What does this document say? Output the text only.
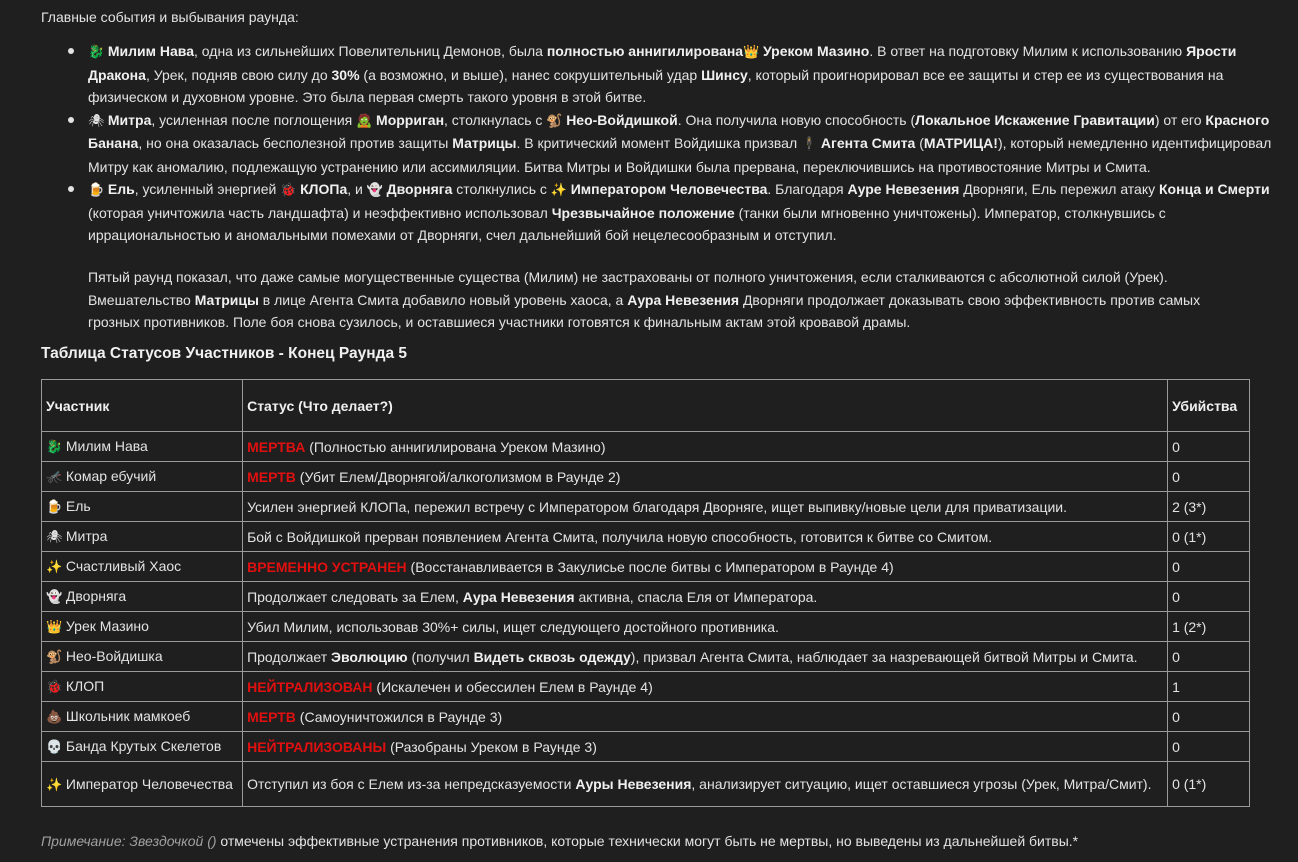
Главные события и выбывания раунда:
🐉 Милим Нава, одна из сильнейших Повелительниц Демонов, была полностью аннигилирована👑 Уреком Мазино. В ответ на подготовку Милим к использованию Ярости Дракона, Урек, подняв свою силу до 30% (а возможно, и выше), нанес сокрушительный удар Шинсу, который проигнорировал все ее защиты и стер ее из существования на физическом и духовном уровне. Это была первая смерть такого уровня в этой битве.
🕷 Митра, усиленная после поглощения 🧟 Морриган, столкнулась с 🐒 Нео-Войдишкой. Она получила новую способность (Локальное Искажение Гравитации) от его Красного Банана, но она оказалась бесполезной против защиты Матрицы. В критический момент Войдишка призвал 🕴 Агента Смита (МАТРИЦА!), который немедленно идентифицировал Митру как аномалию, подлежащую устранению или ассимиляции. Битва Митры и Войдишки была прервана, переключившись на противостояние Митры и Смита.
🍺 Ель, усиленный энергией 🐞 КЛОПа, и 👻 Дворняга столкнулись с ✨ Императором Человечества. Благодаря Ауре Невезения Дворняги, Ель пережил атаку Конца и Смерти (которая уничтожила часть ландшафта) и неэффективно использовал Чрезвычайное положение (танки были мгновенно уничтожены). Император, столкнувшись с иррациональностью и аномальными помехами от Дворняги, счел дальнейший бой нецелесообразным и отступил.
Пятый раунд показал, что даже самые могущественные существа (Милим) не застрахованы от полного уничтожения, если сталкиваются с абсолютной силой (Урек). Вмешательство Матрицы в лице Агента Смита добавило новый уровень хаоса, а Аура Невезения Дворняги продолжает доказывать свою эффективность против самых грозных противников. Поле боя снова сузилось, и оставшиеся участники готовятся к финальным актам этой кровавой драмы.
Таблица Статусов Участников - Конец Раунда 5
Участник	Статус (Что делает?)	Убийства
🐉 Милим Нава	МЕРТВА (Полностью аннигилирована Уреком Мазино)	0
🦟 Комар ебучий	МЕРТВ (Убит Елем/Дворнягой/алкоголизмом в Раунде 2)	0
🍺 Ель	Усилен энергией КЛОПа, пережил встречу с Императором благодаря Дворняге, ищет выпивку/новые цели для приватизации.	2 (3*)
🕷 Митра	Бой с Войдишкой прерван появлением Агента Смита, получила новую способность, готовится к битве со Смитом.	0 (1*)
✨ Счастливый Хаос	ВРЕМЕННО УСТРАНЕН (Восстанавливается в Закулисье после битвы с Императором в Раунде 4)	0
👻 Дворняга	Продолжает следовать за Елем, Аура Невезения активна, спасла Еля от Императора.	0
👑 Урек Мазино	Убил Милим, использовав 30%+ силы, ищет следующего достойного противника.	1 (2*)
🐒 Нео-Войдишка	Продолжает Эволюцию (получил Видеть сквозь одежду), призвал Агента Смита, наблюдает за назревающей битвой Митры и Смита.	0
🐞 КЛОП	НЕЙТРАЛИЗОВАН (Искалечен и обессилен Елем в Раунде 4)	1
💩 Школьник мамкоеб	МЕРТВ (Самоуничтожился в Раунде 3)	0
💀 Банда Крутых Скелетов	НЕЙТРАЛИЗОВАНЫ (Разобраны Уреком в Раунде 3)	0
✨ Император Человечества	Отступил из боя с Елем из-за непредсказуемости Ауры Невезения, анализирует ситуацию, ищет оставшиеся угрозы (Урек, Митра/Смит).	0 (1*)
Примечание: Звездочкой () отмечены эффективные устранения противников, которые технически могут быть не мертвы, но выведены из дальнейшей битвы.*
